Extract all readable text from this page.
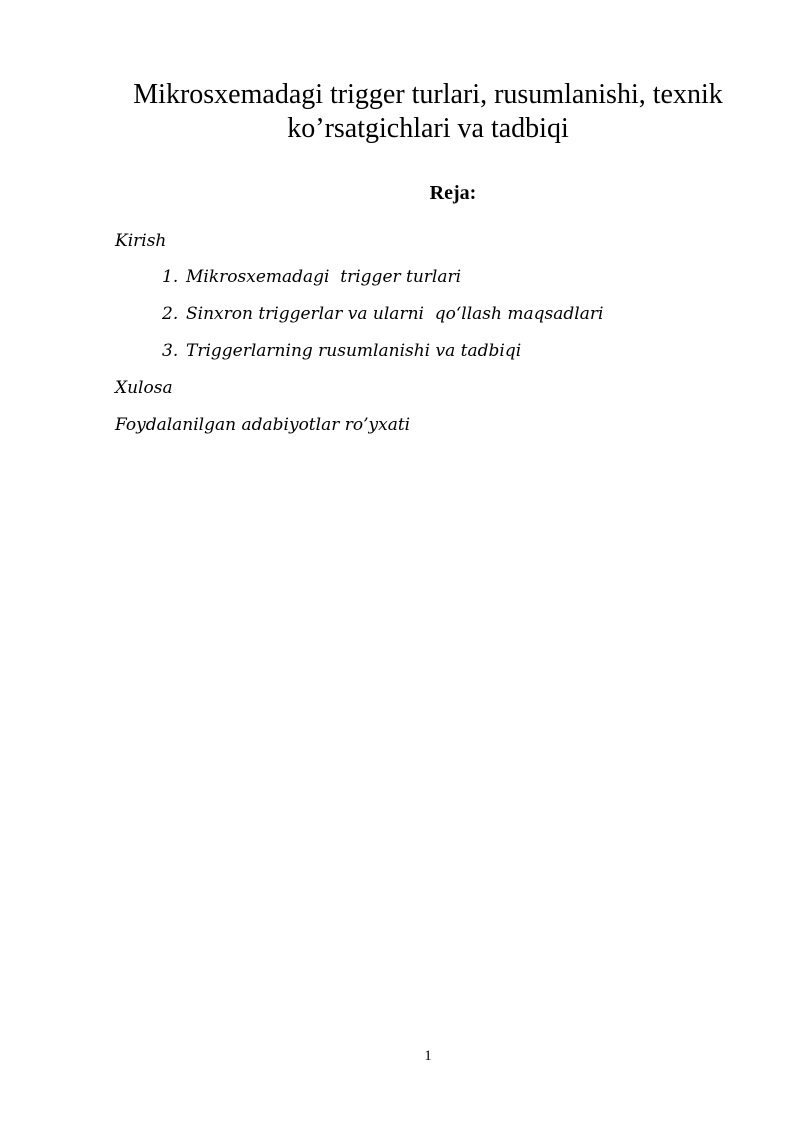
Mikrosxemadagi trigger turlari, rusumlanishi, texnik
ko’rsatgichlari va tadbiqi
Reja:

Kirish

1. Mikrosxemadagi  trigger turlari

2. Sinxron triggerlar va ularni  qo‘llash maqsadlari

3. Triggerlarning rusumlanishi va tadbiqi

Xulosa

Foydalanilgan adabiyotlar ro’yxati

1
